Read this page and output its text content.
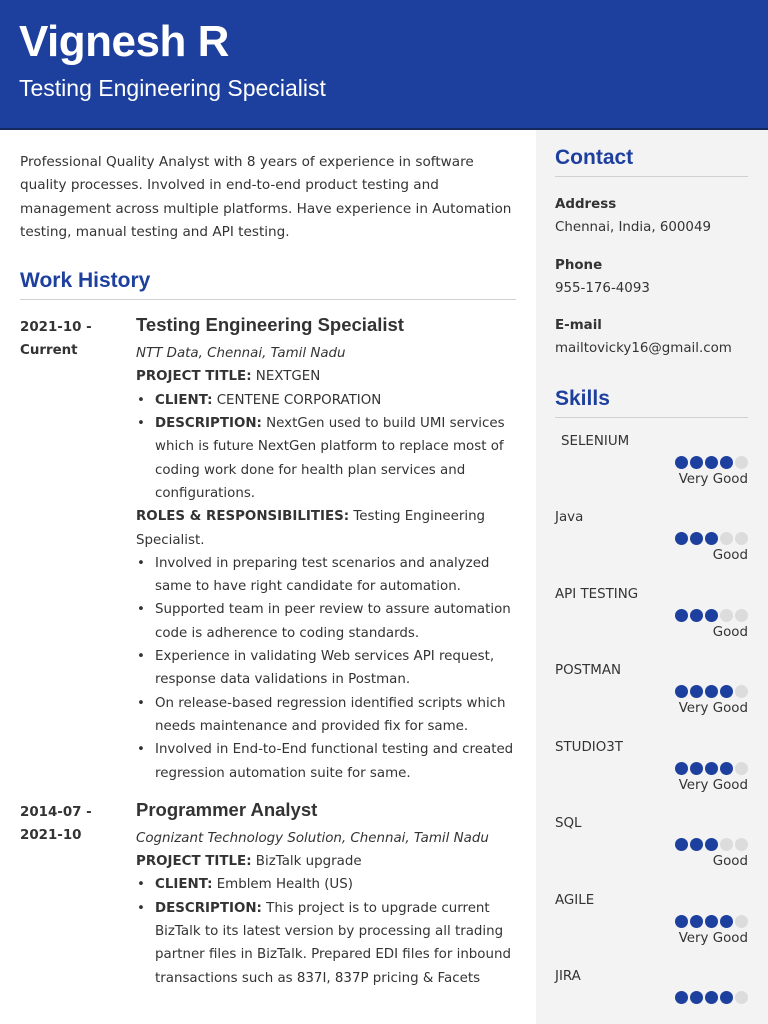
Vignesh R
Testing Engineering Specialist

Professional Quality Analyst with 8 years of experience in software quality processes. Involved in end-to-end product testing and management across multiple platforms. Have experience in Automation testing, manual testing and API testing.

Work History
2021-10 -
Current
Testing Engineering Specialist
NTT Data, Chennai, Tamil Nadu
PROJECT TITLE: NEXTGEN
• CLIENT: CENTENE CORPORATION
• DESCRIPTION: NextGen used to build UMI services which is future NextGen platform to replace most of coding work done for health plan services and configurations.
ROLES & RESPONSIBILITIES: Testing Engineering Specialist.
• Involved in preparing test scenarios and analyzed same to have right candidate for automation.
• Supported team in peer review to assure automation code is adherence to coding standards.
• Experience in validating Web services API request, response data validations in Postman.
• On release-based regression identified scripts which needs maintenance and provided fix for same.
• Involved in End-to-End functional testing and created regression automation suite for same.
2014-07 -
2021-10
Programmer Analyst
Cognizant Technology Solution, Chennai, Tamil Nadu
PROJECT TITLE: BizTalk upgrade
• CLIENT: Emblem Health (US)
• DESCRIPTION: This project is to upgrade current BizTalk to its latest version by processing all trading partner files in BizTalk. Prepared EDI files for inbound transactions such as 837I, 837P pricing & Facets
Contact
Address
Chennai, India, 600049
Phone
955-176-4093
E-mail
mailtovicky16@gmail.com
Skills
SELENIUM
Very Good
Java
Good
API TESTING
Good
POSTMAN
Very Good
STUDIO3T
Very Good
SQL
Good
AGILE
Very Good
JIRA
